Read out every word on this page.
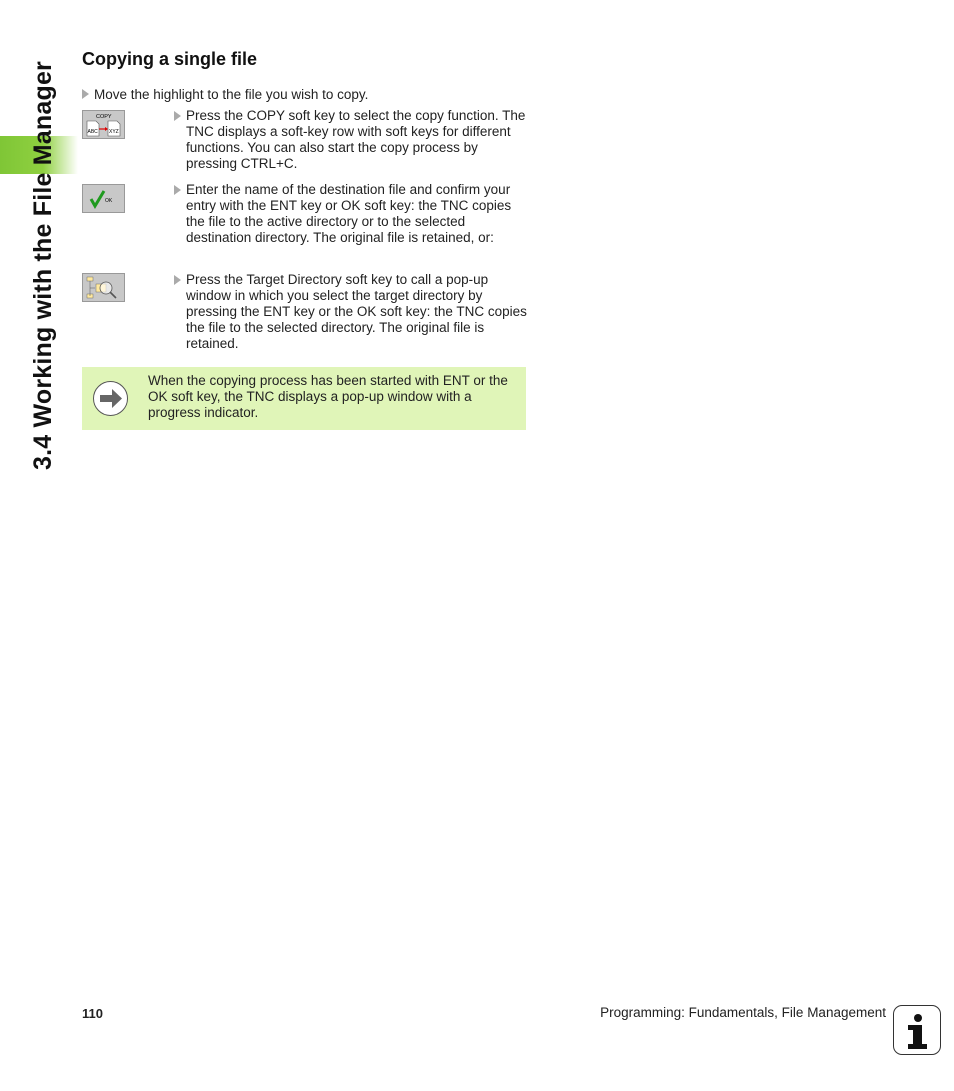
3.4 Working with the File Manager
Copying a single file
Move the highlight to the file you wish to copy.
COPY
ABC XYZ
Press the COPY soft key to select the copy function. The TNC displays a soft-key row with soft keys for different functions. You can also start the copy process by pressing CTRL+C.
OK
Enter the name of the destination file and confirm your entry with the ENT key or OK soft key: the TNC copies the file to the active directory or to the selected destination directory. The original file is retained, or:
Press the Target Directory soft key to call a pop-up window in which you select the target directory by pressing the ENT key or the OK soft key: the TNC copies the file to the selected directory. The original file is retained.
When the copying process has been started with ENT or the OK soft key, the TNC displays a pop-up window with a progress indicator.
110	Programming: Fundamentals, File Management
